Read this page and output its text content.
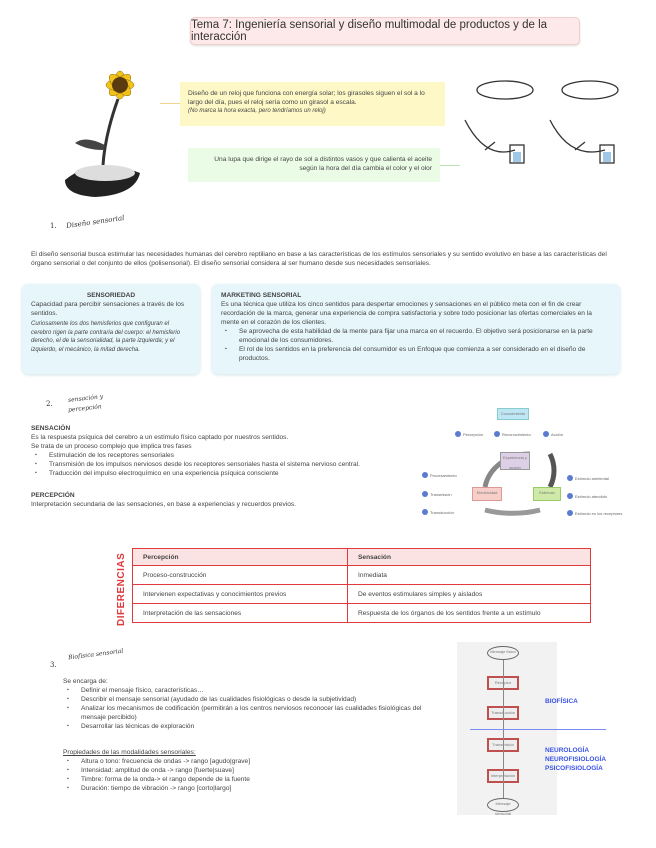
Tema 7: Ingeniería sensorial y diseño multimodal de productos y de la interacción
Diseño de un reloj que funciona con energía solar; los girasoles siguen el sol a lo largo del día, pues el reloj sería como un girasol a escala.
(No marca la hora exacta, pero tendríamos un reloj)
Una lupa que dirige el rayo de sol a distintos vasos y que calienta el aceite según la hora del día cambia el color y el olor
1. Diseño sensorial
El diseño sensorial busca estimular las necesidades humanas del cerebro reptiliano en base a las características de los estímulos sensoriales y su sentido evolutivo en base a las características del órgano sensorial o del conjunto de ellos (polisensorial). El diseño sensorial considera al ser humano desde sus necesidades sensoriales.
SENSORIEDAD
Capacidad para percibir sensaciones a través de los sentidos.
Curiosamente los dos hemisferios que configuran el cerebro rigen la parte contraria del cuerpo: el hemisferio derecho, el de la sensorialidad, la parte izquierda; y el izquierdo, el mecánico, la mitad derecha.
MARKETING SENSORIAL
Es una técnica que utiliza los cinco sentidos para despertar emociones y sensaciones en el público meta con el fin de crear recordación de la marca, generar una experiencia de compra satisfactoria y sobre todo posicionar las ofertas comerciales en la mente en el corazón de los clientes.
▪ Se aprovecha de esta habilidad de la mente para fijar una marca en el recuerdo. El objetivo será posicionarse en la parte emocional de los consumidores.
▪ El rol de los sentidos en la preferencia del consumidor es un Enfoque que comienza a ser considerado en el diseño de productos.
2.
sensación y
percepción
SENSACIÓN
Es la respuesta psíquica del cerebro a un estímulo físico captado por nuestros sentidos.
Se trata de un proceso complejo que implica tres fases
▪ Estimulación de los receptores sensoriales
▪ Transmisión de los impulsos nerviosos desde los receptores sensoriales hasta el sistema nervioso central.
▪ Traducción del impulso electroquímico en una experiencia psíquica consciente
PERCEPCIÓN
Interpretación secundaria de las sensaciones, en base a experiencias y recuerdos previos.
Conocimiento
Experiencia y acción
Electricidad	Estímulo
Percepción	Reconocimiento	Acción
Procesamiento
Transmisión
Transducción
Estímulo ambiental
Estímulo atendido
Estímulo en los receptores
DIFERENCIAS	Percepción	Sensación
Proceso-construcción	Inmediata
Intervienen expectativas y conocimientos previos	De eventos estimulares simples y aislados
Interpretación de las sensaciones	Respuesta de los órganos de los sentidos frente a un estímulo
3.
Biofísica sensorial
Se encarga de:
▪ Definir el mensaje físico, características…
▪ Describir el mensaje sensorial (ayudado de las cualidades fisiológicas o desde la subjetividad)
▪ Analizar los mecanismos de codificación (permitirán a los centros nerviosos reconocer las cualidades fisiológicas del mensaje percibido)
▪ Desarrollar las técnicas de exploración
Propiedades de las modalidades sensoriales:
▪ Altura o tono: frecuencia de ondas -> rango [agudo|grave]
▪ Intensidad: amplitud de onda -> rango [fuerte|suave]
▪ Timbre: forma de la onda-> el rango depende de la fuente
▪ Duración: tiempo de vibración -> rango [corto|largo]
Mensaje físico
Receptor
Transducción
Transmisión
Interpretación
Mensaje sensorial
BIOFÍSICA
NEUROLOGÍA
NEUROFISIOLOGÍA
PSICOFISIOLOGÍA
